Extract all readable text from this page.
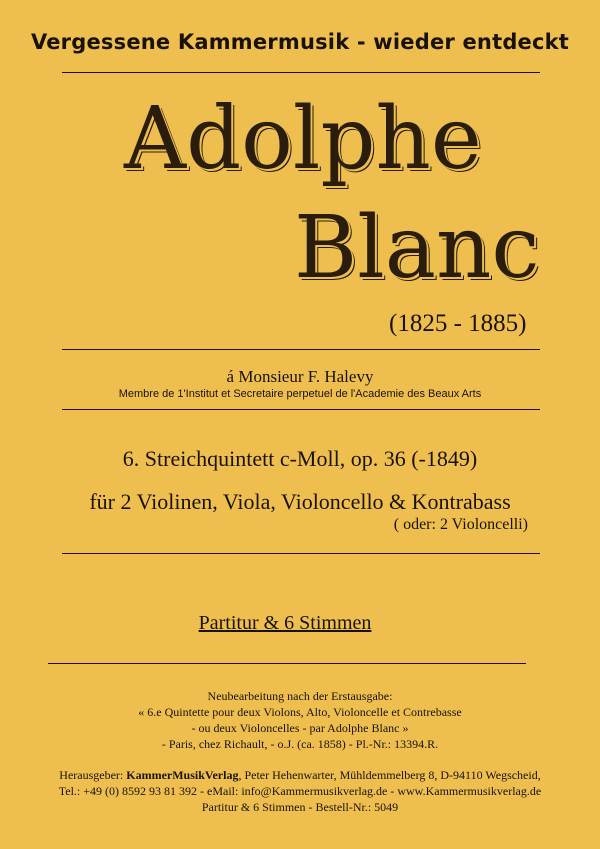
Vergessene Kammermusik - wieder entdeckt
Adolphe
Blanc
(1825 - 1885)
á Monsieur F. Halevy
Membre de 1'Institut et Secretaire perpetuel de l'Academie des Beaux Arts
6. Streichquintett c-Moll, op. 36 (-1849)
für 2 Violinen, Viola, Violoncello & Kontrabass
( oder: 2 Violoncelli)
Partitur & 6 Stimmen
Neubearbeitung nach der Erstausgabe:
« 6.e Quintette pour deux Violons, Alto, Violoncelle et Contrebasse
- ou deux Violoncelles - par Adolphe Blanc »
- Paris, chez Richault, - o.J. (ca. 1858) - Pl.-Nr.: 13394.R.
Herausgeber: KammerMusikVerlag, Peter Hehenwarter, Mühldemmelberg 8, D-94110 Wegscheid,
Tel.: +49 (0) 8592 93 81 392 - eMail: info@Kammermusikverlag.de - www.Kammermusikverlag.de
Partitur & 6 Stimmen - Bestell-Nr.: 5049
